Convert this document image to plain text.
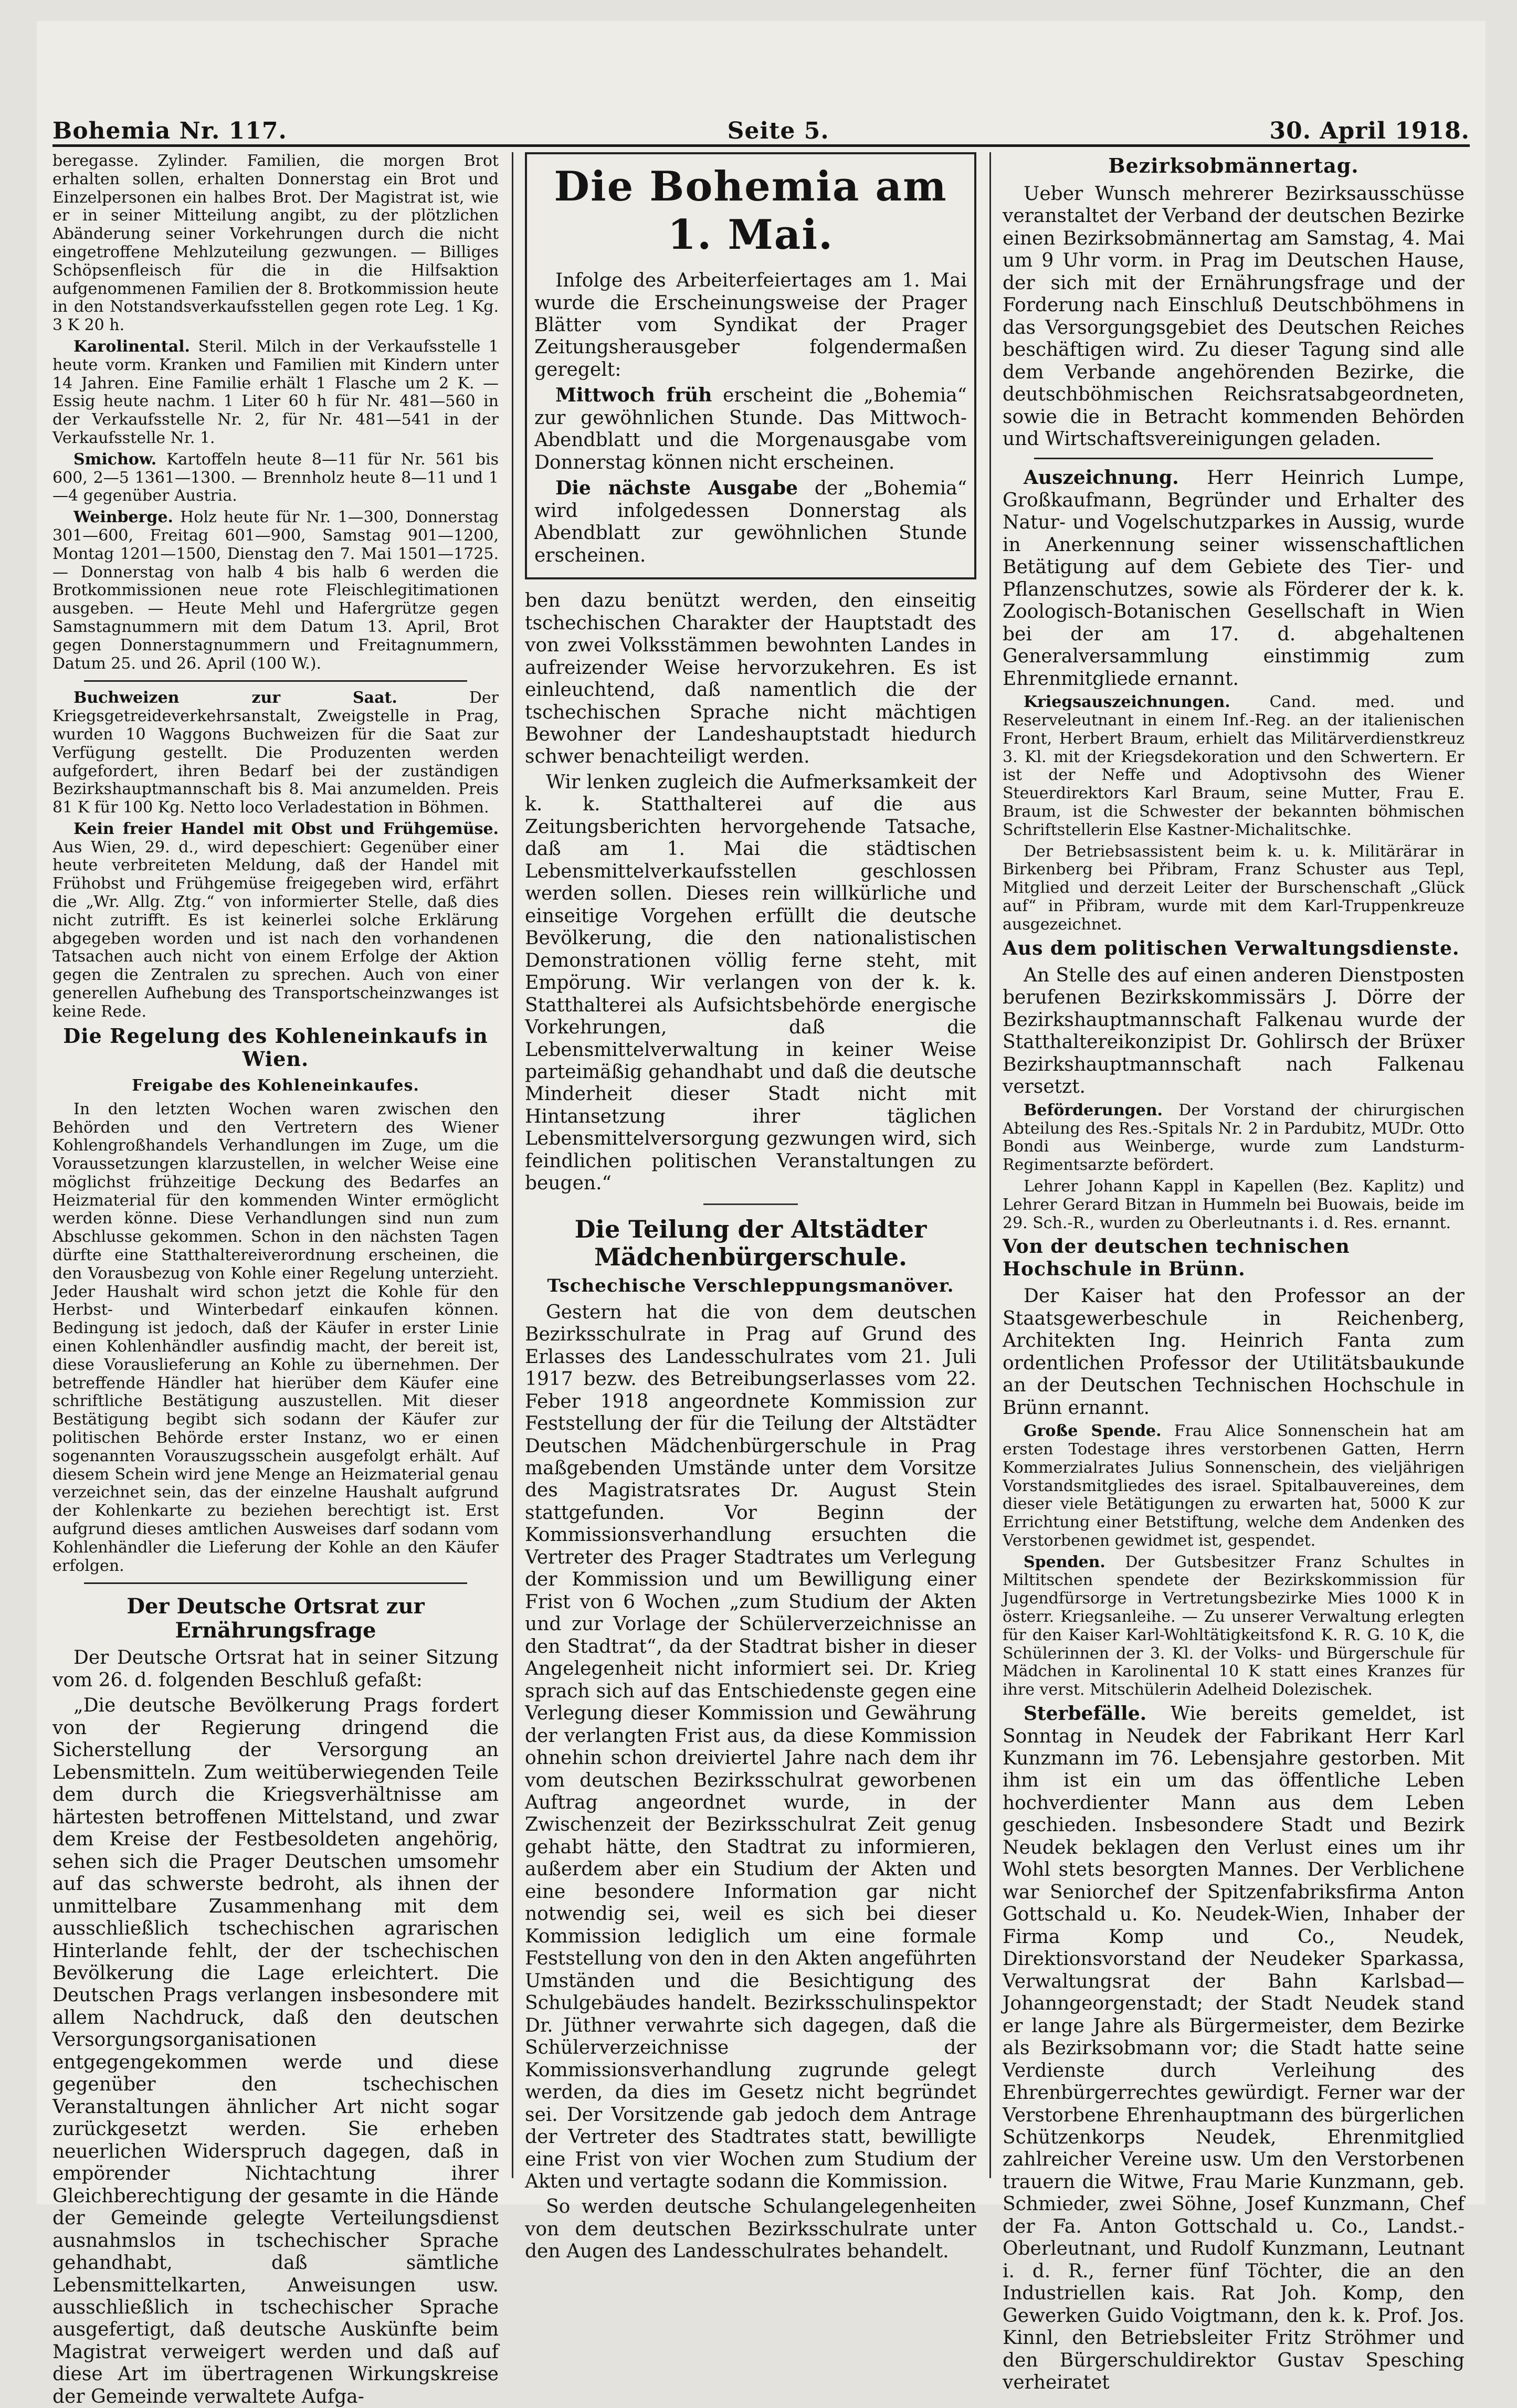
Bohemia Nr. 117.	Seite 5.	30. April 1918.

beregasse. Zylinder. Familien, die morgen Brot erhalten sollen, erhalten Donnerstag ein Brot und Einzelpersonen ein halbes Brot. Der Magistrat ist, wie er in seiner Mitteilung angibt, zu der plötzlichen Abänderung seiner Vorkehrungen durch die nicht eingetroffene Mehlzuteilung gezwungen. — Billiges Schöpsenfleisch für die in die Hilfsaktion aufgenommenen Familien der 8. Brotkommission heute in den Notstandsverkaufsstellen gegen rote Leg. 1 Kg. 3 K 20 h.

Karolinental. Steril. Milch in der Verkaufsstelle 1 heute vorm. Kranken und Familien mit Kindern unter 14 Jahren. Eine Familie erhält 1 Flasche um 2 K. — Essig heute nachm. 1 Liter 60 h für Nr. 481—560 in der Verkaufsstelle Nr. 2, für Nr. 481—541 in der Verkaufsstelle Nr. 1.

Smichow. Kartoffeln heute 8—11 für Nr. 561 bis 600, 2—5 1361—1300. — Brennholz heute 8—11 und 1—4 gegenüber Austria.

Weinberge. Holz heute für Nr. 1—300, Donnerstag 301—600, Freitag 601—900, Samstag 901—1200, Montag 1201—1500, Dienstag den 7. Mai 1501—1725. — Donnerstag von halb 4 bis halb 6 werden die Brotkommissionen neue rote Fleischlegitimationen ausgeben. — Heute Mehl und Hafergrütze gegen Samstagnummern mit dem Datum 13. April, Brot gegen Donnerstagnummern und Freitagnummern, Datum 25. und 26. April (100 W.).

Buchweizen zur Saat.	Der Kriegsgetreideverkehrsanstalt, Zweigstelle in Prag, wurden 10 Waggons Buchweizen für die Saat zur Verfügung gestellt. Die Produzenten werden aufgefordert, ihren Bedarf bei der zuständigen Bezirkshauptmannschaft bis 8. Mai anzumelden. Preis 81 K für 100 Kg. Netto loco Verladestation in Böhmen.

Kein freier Handel mit Obst und Frühgemüse. Aus Wien, 29. d., wird depeschiert: Gegenüber einer heute verbreiteten Meldung, daß der Handel mit Frühobst und Frühgemüse freigegeben wird, erfährt die „Wr. Allg. Ztg.“ von informierter Stelle, daß dies nicht zutrifft. Es ist keinerlei solche Erklärung abgegeben worden und ist nach den vorhandenen Tatsachen auch nicht von einem Erfolge der Aktion gegen die Zentralen zu sprechen. Auch von einer generellen Aufhebung des Transportscheinzwanges ist keine Rede.

Die Regelung des Kohleneinkaufs in Wien.
Freigabe des Kohleneinkaufes.

In den letzten Wochen waren zwischen den Behörden und den Vertretern des Wiener Kohlengroßhandels Verhandlungen im Zuge, um die Voraussetzungen klarzustellen, in welcher Weise eine möglichst frühzeitige Deckung des Bedarfes an Heizmaterial für den kommenden Winter ermöglicht werden könne. Diese Verhandlungen sind nun zum Abschlusse gekommen. Schon in den nächsten Tagen dürfte eine Statthaltereiverordnung erscheinen, die den Vorausbezug von Kohle einer Regelung unterzieht. Jeder Haushalt wird schon jetzt die Kohle für den Herbst- und Winterbedarf einkaufen können. Bedingung ist jedoch, daß der Käufer in erster Linie einen Kohlenhändler ausfindig macht, der bereit ist, diese Vorauslieferung an Kohle zu übernehmen. Der betreffende Händler hat hierüber dem Käufer eine schriftliche Bestätigung auszustellen. Mit dieser Bestätigung begibt sich sodann der Käufer zur politischen Behörde erster Instanz, wo er einen sogenannten Vorauszugsschein ausgefolgt erhält. Auf diesem Schein wird jene Menge an Heizmaterial genau verzeichnet sein, das der einzelne Haushalt aufgrund der Kohlenkarte zu beziehen berechtigt ist. Erst aufgrund dieses amtlichen Ausweises darf sodann vom Kohlenhändler die Lieferung der Kohle an den Käufer erfolgen.

Der Deutsche Ortsrat zur Ernährungsfrage

Der Deutsche Ortsrat hat in seiner Sitzung vom 26. d. folgenden Beschluß gefaßt:

„Die deutsche Bevölkerung Prags fordert von der Regierung dringend die Sicherstellung der Versorgung an Lebensmitteln. Zum weitüberwiegenden Teile dem durch die Kriegsverhältnisse am härtesten betroffenen Mittelstand, und zwar dem Kreise der Festbesoldeten angehörig, sehen sich die Prager Deutschen umsomehr auf das schwerste bedroht, als ihnen der unmittelbare Zusammenhang mit dem ausschließlich tschechischen agrarischen Hinterlande fehlt, der der tschechischen Bevölkerung die Lage erleichtert. Die Deutschen Prags verlangen insbesondere mit allem Nachdruck, daß den deutschen Versorgungsorganisationen entgegengekommen werde und diese gegenüber den tschechischen Veranstaltungen ähnlicher Art nicht sogar zurückgesetzt werden. Sie erheben neuerlichen Widerspruch dagegen, daß in empörender Nichtachtung ihrer Gleichberechtigung der gesamte in die Hände der Gemeinde gelegte Verteilungsdienst ausnahmslos in tschechischer Sprache gehandhabt, daß sämtliche Lebensmittelkarten, Anweisungen usw. ausschließlich in tschechischer Sprache ausgefertigt, daß deutsche Auskünfte beim Magistrat verweigert werden und daß auf diese Art im übertragenen Wirkungskreise der Gemeinde verwaltete Aufga-

Die Bohemia am 1. Mai.

Infolge des Arbeiterfeiertages am 1. Mai wurde die Erscheinungsweise der Prager Blätter vom Syndikat der Prager Zeitungsherausgeber folgendermaßen geregelt:

Mittwoch früh erscheint die „Bohemia“ zur gewöhnlichen Stunde. Das Mittwoch-Abendblatt und die Morgenausgabe vom Donnerstag können nicht erscheinen.

Die nächste Ausgabe der „Bohemia“ wird infolgedessen Donnerstag als Abendblatt zur gewöhnlichen Stunde erscheinen.

ben dazu benützt werden, den einseitig tschechischen Charakter der Hauptstadt des von zwei Volksstämmen bewohnten Landes in aufreizender Weise hervorzukehren. Es ist einleuchtend, daß namentlich die der tschechischen Sprache nicht mächtigen Bewohner der Landeshauptstadt hiedurch schwer benachteiligt werden.

Wir lenken zugleich die Aufmerksamkeit der k. k. Statthalterei auf die aus Zeitungsberichten hervorgehende Tatsache, daß am 1. Mai die städtischen Lebensmittelverkaufsstellen geschlossen werden sollen. Dieses rein willkürliche und einseitige Vorgehen erfüllt die deutsche Bevölkerung, die den nationalistischen Demonstrationen völlig ferne steht, mit Empörung. Wir verlangen von der k. k. Statthalterei als Aufsichtsbehörde energische Vorkehrungen, daß die Lebensmittelverwaltung in keiner Weise parteimäßig gehandhabt und daß die deutsche Minderheit dieser Stadt nicht mit Hintansetzung ihrer täglichen Lebensmittelversorgung gezwungen wird, sich feindlichen politischen Veranstaltungen zu beugen.“

Die Teilung der Altstädter Mädchenbürgerschule.
Tschechische Verschleppungsmanöver.

Gestern hat die von dem deutschen Bezirksschulrate in Prag auf Grund des Erlasses des Landesschulrates vom 21. Juli 1917 bezw. des Betreibungserlasses vom 22. Feber 1918 angeordnete Kommission zur Feststellung der für die Teilung der Altstädter Deutschen Mädchenbürgerschule in Prag maßgebenden Umstände unter dem Vorsitze des Magistratsrates Dr. August Stein stattgefunden. Vor Beginn der Kommissionsverhandlung ersuchten die Vertreter des Prager Stadtrates um Verlegung der Kommission und um Bewilligung einer Frist von 6 Wochen „zum Studium der Akten und zur Vorlage der Schülerverzeichnisse an den Stadtrat“, da der Stadtrat bisher in dieser Angelegenheit nicht informiert sei. Dr. Krieg sprach sich auf das Entschiedenste gegen eine Verlegung dieser Kommission und Gewährung der verlangten Frist aus, da diese Kommission ohnehin schon dreiviertel Jahre nach dem ihr vom deutschen Bezirksschulrat geworbenen Auftrag angeordnet wurde, in der Zwischenzeit der Bezirksschulrat Zeit genug gehabt hätte, den Stadtrat zu informieren, außerdem aber ein Studium der Akten und eine besondere Information gar nicht notwendig sei, weil es sich bei dieser Kommission lediglich um eine formale Feststellung von den in den Akten angeführten Umständen und die Besichtigung des Schulgebäudes handelt. Bezirksschulinspektor Dr. Jüthner verwahrte sich dagegen, daß die Schülerverzeichnisse der Kommissionsverhandlung zugrunde gelegt werden, da dies im Gesetz nicht begründet sei. Der Vorsitzende gab jedoch dem Antrage der Vertreter des Stadtrates statt, bewilligte eine Frist von vier Wochen zum Studium der Akten und vertagte sodann die Kommission.

So werden deutsche Schulangelegenheiten von dem deutschen Bezirksschulrate unter den Augen des Landesschulrates behandelt.

Bezirksobmännertag.

Ueber Wunsch mehrerer Bezirksausschüsse veranstaltet der Verband der deutschen Bezirke einen Bezirksobmännertag am Samstag, 4. Mai um 9 Uhr vorm. in Prag im Deutschen Hause, der sich mit der Ernährungsfrage und der Forderung nach Einschluß Deutschböhmens in das Versorgungsgebiet des Deutschen Reiches beschäftigen wird. Zu dieser Tagung sind alle dem Verbande angehörenden Bezirke, die deutschböhmischen Reichsratsabgeordneten, sowie die in Betracht kommenden Behörden und Wirtschaftsvereinigungen geladen.

Auszeichnung. Herr Heinrich Lumpe, Großkaufmann, Begründer und Erhalter des Natur- und Vogelschutzparkes in Aussig, wurde in Anerkennung seiner wissenschaftlichen Betätigung auf dem Gebiete des Tier- und Pflanzenschutzes, sowie als Förderer der k. k. Zoologisch-Botanischen Gesellschaft in Wien bei der am 17. d. abgehaltenen Generalversammlung einstimmig zum Ehrenmitgliede ernannt.

Kriegsauszeichnungen. Cand. med. und Reserveleutnant in einem Inf.-Reg. an der italienischen Front, Herbert Braum, erhielt das Militärverdienstkreuz 3. Kl. mit der Kriegsdekoration und den Schwertern. Er ist der Neffe und Adoptivsohn des Wiener Steuerdirektors Karl Braum, seine Mutter, Frau E. Braum, ist die Schwester der bekannten böhmischen Schriftstellerin Else Kastner-Michalitschke.

Der Betriebsassistent beim k. u. k. Militärärar in Birkenberg bei Přibram, Franz Schuster aus Tepl, Mitglied und derzeit Leiter der Burschenschaft „Glück auf“ in Přibram, wurde mit dem Karl-Truppenkreuze ausgezeichnet.

Aus dem politischen Verwaltungsdienste.

An Stelle des auf einen anderen Dienstposten berufenen Bezirkskommissärs J. Dörre der Bezirkshauptmannschaft Falkenau wurde der Statthaltereikonzipist Dr. Gohlirsch der Brüxer Bezirkshauptmannschaft nach Falkenau versetzt.

Beförderungen. Der Vorstand der chirurgischen Abteilung des Res.-Spitals Nr. 2 in Pardubitz, MUDr. Otto Bondi aus Weinberge, wurde zum Landsturm-Regimentsarzte befördert.

Lehrer Johann Kappl in Kapellen (Bez. Kaplitz) und Lehrer Gerard Bitzan in Hummeln bei Buowais, beide im 29. Sch.-R., wurden zu Oberleutnants i. d. Res. ernannt.

Von der deutschen technischen Hochschule in Brünn.

Der Kaiser hat den Professor an der Staatsgewerbeschule in Reichenberg, Architekten Ing. Heinrich Fanta zum ordentlichen Professor der Utilitätsbaukunde an der Deutschen Technischen Hochschule in Brünn ernannt.

Große Spende. Frau Alice Sonnenschein hat am ersten Todestage ihres verstorbenen Gatten, Herrn Kommerzialrates Julius Sonnenschein, des vieljährigen Vorstandsmitgliedes des israel. Spitalbauvereines, dem dieser viele Betätigungen zu erwarten hat, 5000 K zur Errichtung einer Betstiftung, welche dem Andenken des Verstorbenen gewidmet ist, gespendet.

Spenden. Der Gutsbesitzer Franz Schultes in Miltitschen spendete der Bezirkskommission für Jugendfürsorge in Vertretungsbezirke Mies 1000 K in österr. Kriegsanleihe. — Zu unserer Verwaltung erlegten für den Kaiser Karl-Wohltätigkeitsfond K. R. G. 10 K, die Schülerinnen der 3. Kl. der Volks- und Bürgerschule für Mädchen in Karolinental 10 K statt eines Kranzes für ihre verst. Mitschülerin Adelheid Dolezischek.

Sterbefälle. Wie bereits gemeldet, ist Sonntag in Neudek der Fabrikant Herr Karl Kunzmann im 76. Lebensjahre gestorben. Mit ihm ist ein um das öffentliche Leben hochverdienter Mann aus dem Leben geschieden. Insbesondere Stadt und Bezirk Neudek beklagen den Verlust eines um ihr Wohl stets besorgten Mannes. Der Verblichene war Seniorchef der Spitzenfabriksfirma Anton Gottschald u. Ko. Neudek-Wien, Inhaber der Firma Komp und Co., Neudek, Direktionsvorstand der Neudeker Sparkassa, Verwaltungsrat der Bahn Karlsbad—Johanngeorgenstadt; der Stadt Neudek stand er lange Jahre als Bürgermeister, dem Bezirke als Bezirksobmann vor; die Stadt hatte seine Verdienste durch Verleihung des Ehrenbürgerrechtes gewürdigt. Ferner war der Verstorbene Ehrenhauptmann des bürgerlichen Schützenkorps Neudek, Ehrenmitglied zahlreicher Vereine usw. Um den Verstorbenen trauern die Witwe, Frau Marie Kunzmann, geb. Schmieder, zwei Söhne, Josef Kunzmann, Chef der Fa. Anton Gottschald u. Co., Landst.-Oberleutnant, und Rudolf Kunzmann, Leutnant i. d. R., ferner fünf Töchter, die an den Industriellen kais. Rat Joh. Komp, den Gewerken Guido Voigtmann, den k. k. Prof. Jos. Kinnl, den Betriebsleiter Fritz Ströhmer und den Bürgerschuldirektor Gustav Spesching verheiratet
